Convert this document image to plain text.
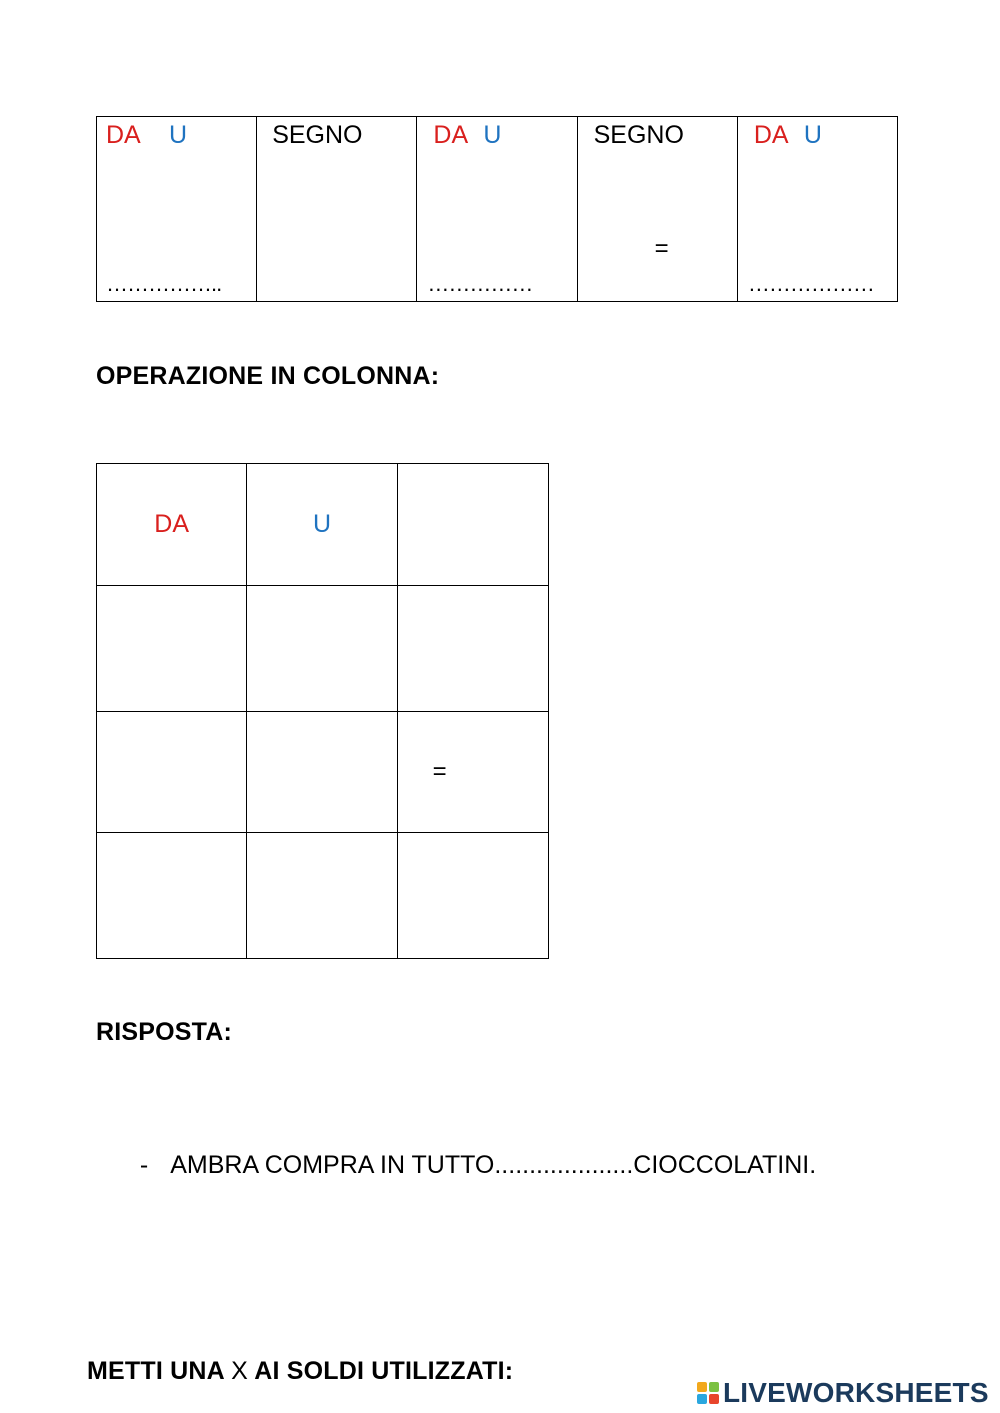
DA U
……………..
SEGNO	DA U
……………
SEGNO
=
DA U
………………
OPERAZIONE IN COLONNA:
DA	U
=
RISPOSTA:

- AMBRA COMPRA IN TUTTO....................CIOCCOLATINI.

METTI UNA X AI SOLDI UTILIZZATI:
LIVEWORKSHEETS
